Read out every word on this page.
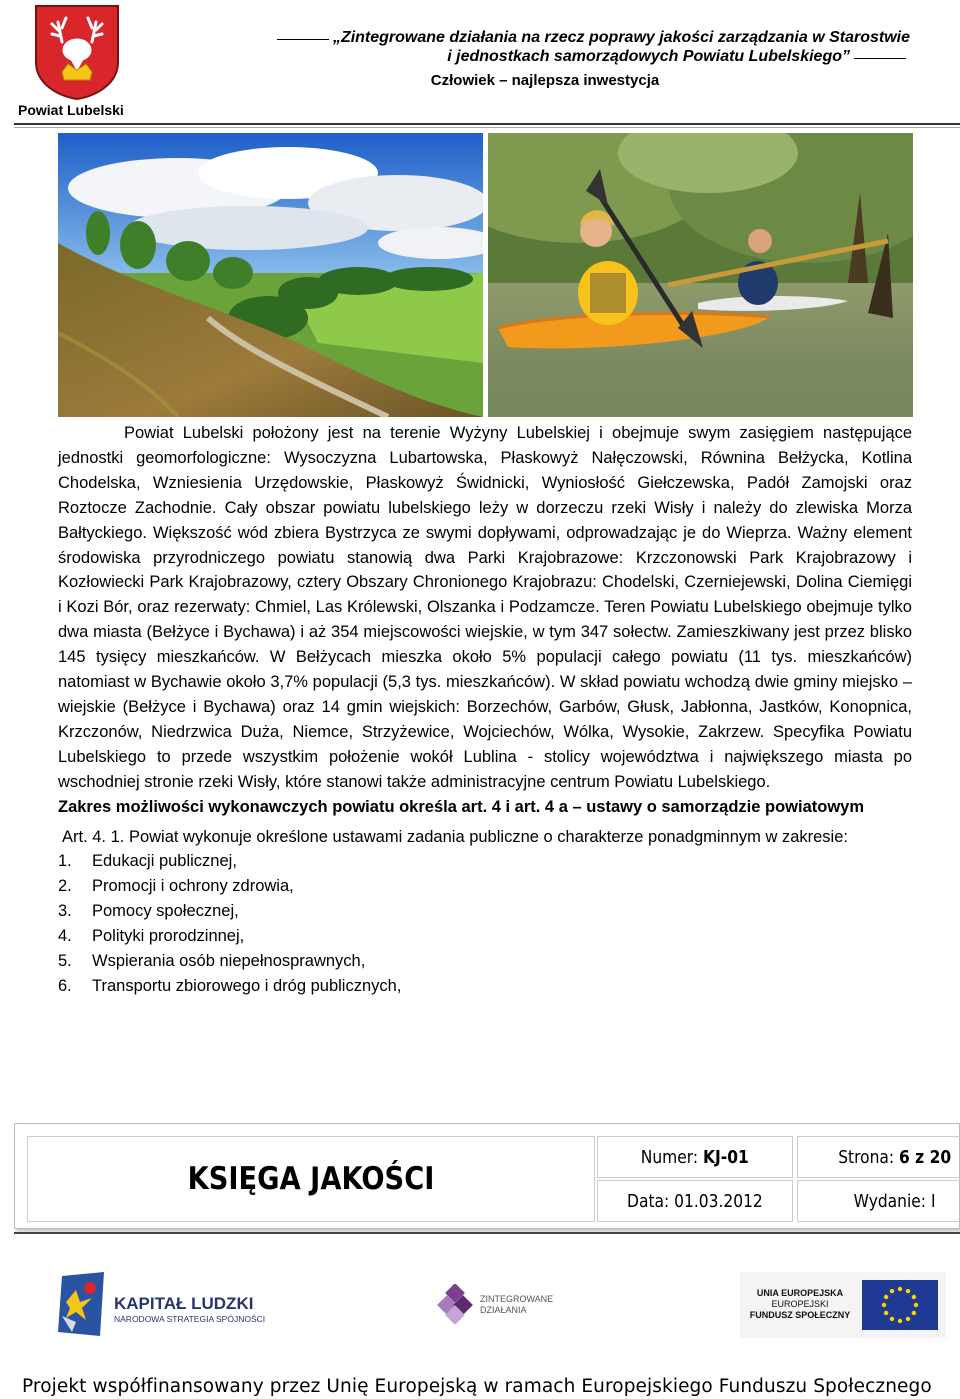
Powiat Lubelski
„Zintegrowane działania na rzecz poprawy jakości zarządzania w Starostwie
i jednostkach samorządowych Powiatu Lubelskiego”
Człowiek – najlepsza inwestycja

Powiat Lubelski położony jest na terenie Wyżyny Lubelskiej i obejmuje swym zasięgiem następujące jednostki geomorfologiczne: Wysoczyzna Lubartowska, Płaskowyż Nałęczowski, Równina Bełżycka, Kotlina Chodelska, Wzniesienia Urzędowskie, Płaskowyż Świdnicki, Wyniosłość Giełczewska, Padół Zamojski oraz Roztocze Zachodnie. Cały obszar powiatu lubelskiego leży w dorzeczu rzeki Wisły i należy do zlewiska Morza Bałtyckiego. Większość wód zbiera Bystrzyca ze swymi dopływami, odprowadzając je do Wieprza. Ważny element środowiska przyrodniczego powiatu stanowią dwa Parki Krajobrazowe: Krzczonowski Park Krajobrazowy i Kozłowiecki Park Krajobrazowy, cztery Obszary Chronionego Krajobrazu: Chodelski, Czerniejewski, Dolina Ciemięgi i Kozi Bór, oraz rezerwaty: Chmiel, Las Królewski, Olszanka i Podzamcze. Teren Powiatu Lubelskiego obejmuje tylko dwa miasta (Bełżyce i Bychawa) i aż 354 miejscowości wiejskie, w tym 347 sołectw. Zamieszkiwany jest przez blisko 145 tysięcy mieszkańców. W Bełżycach mieszka około 5% populacji całego powiatu (11 tys. mieszkańców) natomiast w Bychawie około 3,7% populacji (5,3 tys. mieszkańców). W skład powiatu wchodzą dwie gminy miejsko – wiejskie (Bełżyce i Bychawa) oraz 14 gmin wiejskich: Borzechów, Garbów, Głusk, Jabłonna, Jastków, Konopnica, Krzczonów, Niedrzwica Duża, Niemce, Strzyżewice, Wojciechów, Wólka, Wysokie, Zakrzew. Specyfika Powiatu Lubelskiego to przede wszystkim położenie wokół Lublina - stolicy województwa i największego miasta po wschodniej stronie rzeki Wisły, które stanowi także administracyjne centrum Powiatu Lubelskiego.

Zakres możliwości wykonawczych powiatu określa art. 4 i art. 4 a – ustawy o samorządzie powiatowym

Art. 4. 1. Powiat wykonuje określone ustawami zadania publiczne o charakterze ponadgminnym w zakresie:

1.	Edukacji publicznej,
2.	Promocji i ochrony zdrowia,
3.	Pomocy społecznej,
4.	Polityki prorodzinnej,
5.	Wspierania osób niepełnosprawnych,
6.	Transportu zbiorowego i dróg publicznych,
KSIĘGA JAKOŚCI
Numer: KJ-01	Strona: 6 z 20
Data: 01.03.2012	Wydanie: I
KAPITAŁ LUDZKI
NARODOWA STRATEGIA SPÓJNOŚCI
ZINTEGROWANE
DZIAŁANIA
UNIA EUROPEJSKA
EUROPEJSKI
FUNDUSZ SPOŁECZNY
Projekt współfinansowany przez Unię Europejską w ramach Europejskiego Funduszu Społecznego
